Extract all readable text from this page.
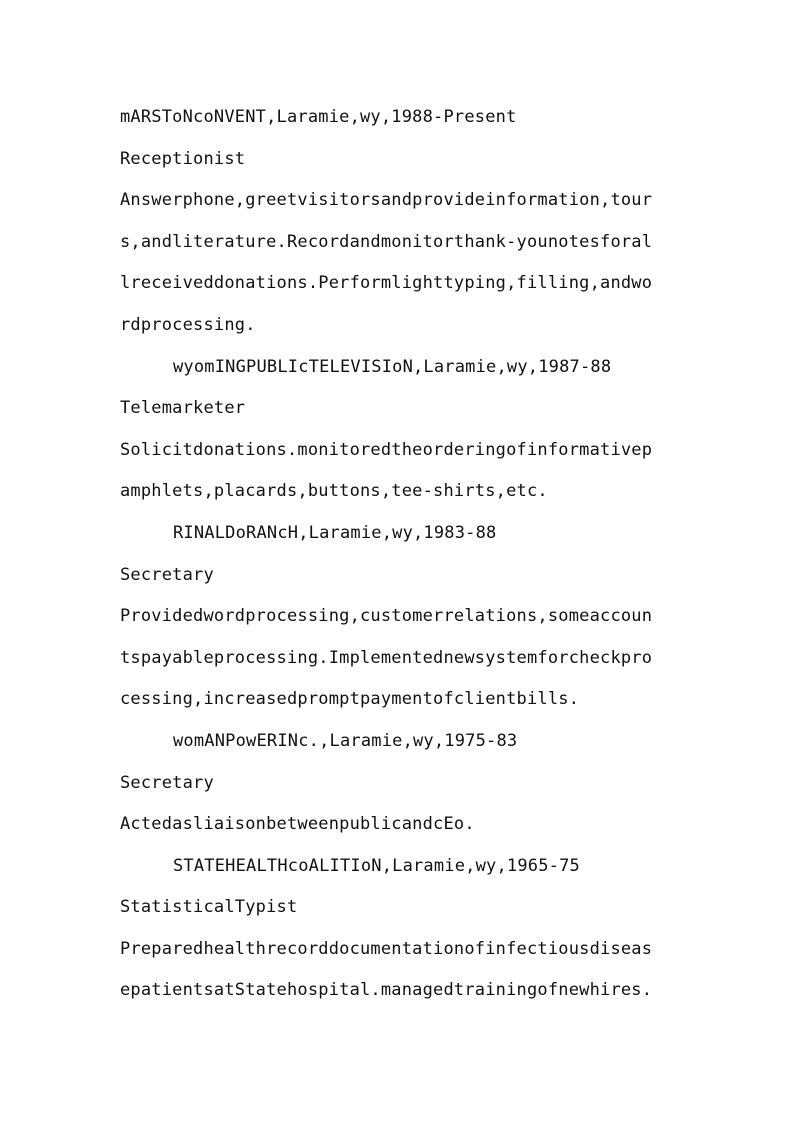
mARSToNcoNVENT,Laramie,wy,1988-Present
Receptionist
Answerphone,greetvisitorsandprovideinformation,tour
s,andliterature.Recordandmonitorthank-younotesforal
lreceiveddonations.Performlighttyping,filling,andwo
rdprocessing.
wyomINGPUBLIcTELEVISIoN,Laramie,wy,1987-88
Telemarketer
Solicitdonations.monitoredtheorderingofinformativep
amphlets,placards,buttons,tee-shirts,etc.
RINALDoRANcH,Laramie,wy,1983-88
Secretary
Providedwordprocessing,customerrelations,someaccoun
tspayableprocessing.Implementednewsystemforcheckpro
cessing,increasedpromptpaymentofclientbills.
womANPowERINc.,Laramie,wy,1975-83
Secretary
Actedasliaisonbetweenpublicandc​Eo.
STATEHEALTHcoALITIoN,Laramie,wy,1965-75
StatisticalTypist
Preparedhealthrecorddocumentationofinfectiousdiseas
epatientsatStatehospital.managedtrainingofnewhires.
